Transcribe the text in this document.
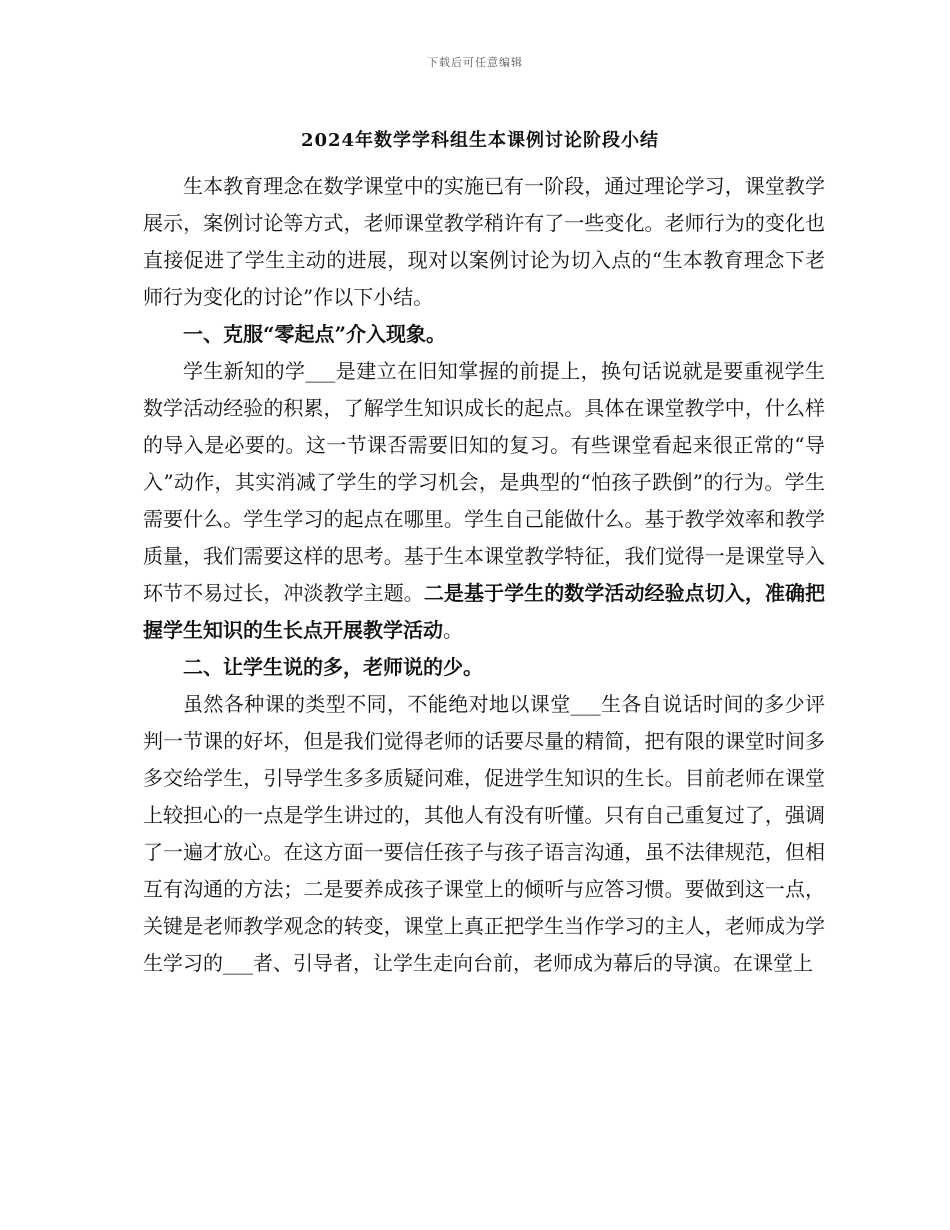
下载后可任意编辑
2024年数学学科组生本课例讨论阶段小结

生本教育理念在数学课堂中的实施已有一阶段，通过理论学习，课堂教学展示，案例讨论等方式，老师课堂教学稍许有了一些变化。老师行为的变化也直接促进了学生主动的进展，现对以案例讨论为切入点的“生本教育理念下老师行为变化的讨论”作以下小结。

一、克服“零起点”介入现象。

学生新知的学___是建立在旧知掌握的前提上，换句话说就是要重视学生数学活动经验的积累，了解学生知识成长的起点。具体在课堂教学中，什么样的导入是必要的。这一节课否需要旧知的复习。有些课堂看起来很正常的“导入”动作，其实消减了学生的学习机会，是典型的“怕孩子跌倒”的行为。学生需要什么。学生学习的起点在哪里。学生自己能做什么。基于教学效率和教学质量，我们需要这样的思考。基于生本课堂教学特征，我们觉得一是课堂导入环节不易过长，冲淡教学主题。二是基于学生的数学活动经验点切入，准确把握学生知识的生长点开展教学活动。

二、让学生说的多，老师说的少。

虽然各种课的类型不同，不能绝对地以课堂___生各自说话时间的多少评判一节课的好坏，但是我们觉得老师的话要尽量的精简，把有限的课堂时间多多交给学生，引导学生多多质疑问难，促进学生知识的生长。目前老师在课堂上较担心的一点是学生讲过的，其他人有没有听懂。只有自己重复过了，强调了一遍才放心。在这方面一要信任孩子与孩子语言沟通，虽不法律规范，但相互有沟通的方法；二是要养成孩子课堂上的倾听与应答习惯。要做到这一点，关键是老师教学观念的转变，课堂上真正把学生当作学习的主人，老师成为学生学习的___者、引导者，让学生走向台前，老师成为幕后的导演。在课堂上
